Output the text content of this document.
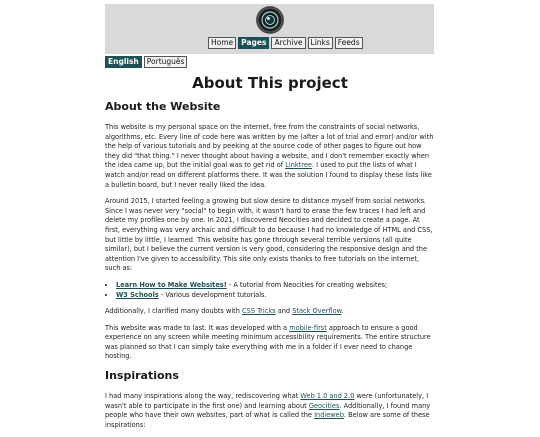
Home	Pages	Archive	Links	Feeds
English	Português
About This project
About the Website

This website is my personal space on the internet, free from the constraints of social networks, algorithms, etc. Every line of code here was written by me (after a lot of trial and error) and/or with the help of various tutorials and by peeking at the source code of other pages to figure out how they did "that thing." I never thought about having a website, and I don't remember exactly when the idea came up, but the initial goal was to get rid of Linktree. I used to put the lists of what I watch and/or read on different platforms there. It was the solution I found to display these lists like a bulletin board, but I never really liked the idea.

Around 2015, I started feeling a growing but slow desire to distance myself from social networks. Since I was never very "social" to begin with, it wasn't hard to erase the few traces I had left and delete my profiles one by one. In 2021, I discovered Neocities and decided to create a page. At first, everything was very archaic and difficult to do because I had no knowledge of HTML and CSS, but little by little, I learned. This website has gone through several terrible versions (all quite similar), but I believe the current version is very good, considering the responsive design and the attention I've given to accessibility. This site only exists thanks to free tutorials on the internet, such as:

• Learn How to Make Websites! - A tutorial from Neocities for creating websites;
• W3 Schools - Various development tutorials.

Additionally, I clarified many doubts with CSS Tricks and Stack Overflow.

This website was made to last. It was developed with a mobile-first approach to ensure a good experience on any screen while meeting minimum accessibility requirements. The entire structure was planned so that I can simply take everything with me in a folder if I ever need to change hosting.

Inspirations

I had many inspirations along the way, rediscovering what Web 1.0 and 2.0 were (unfortunately, I wasn't able to participate in the first one) and learning about Geocities. Additionally, I found many people who have their own websites, part of what is called the Indieweb. Below are some of these inspirations:
